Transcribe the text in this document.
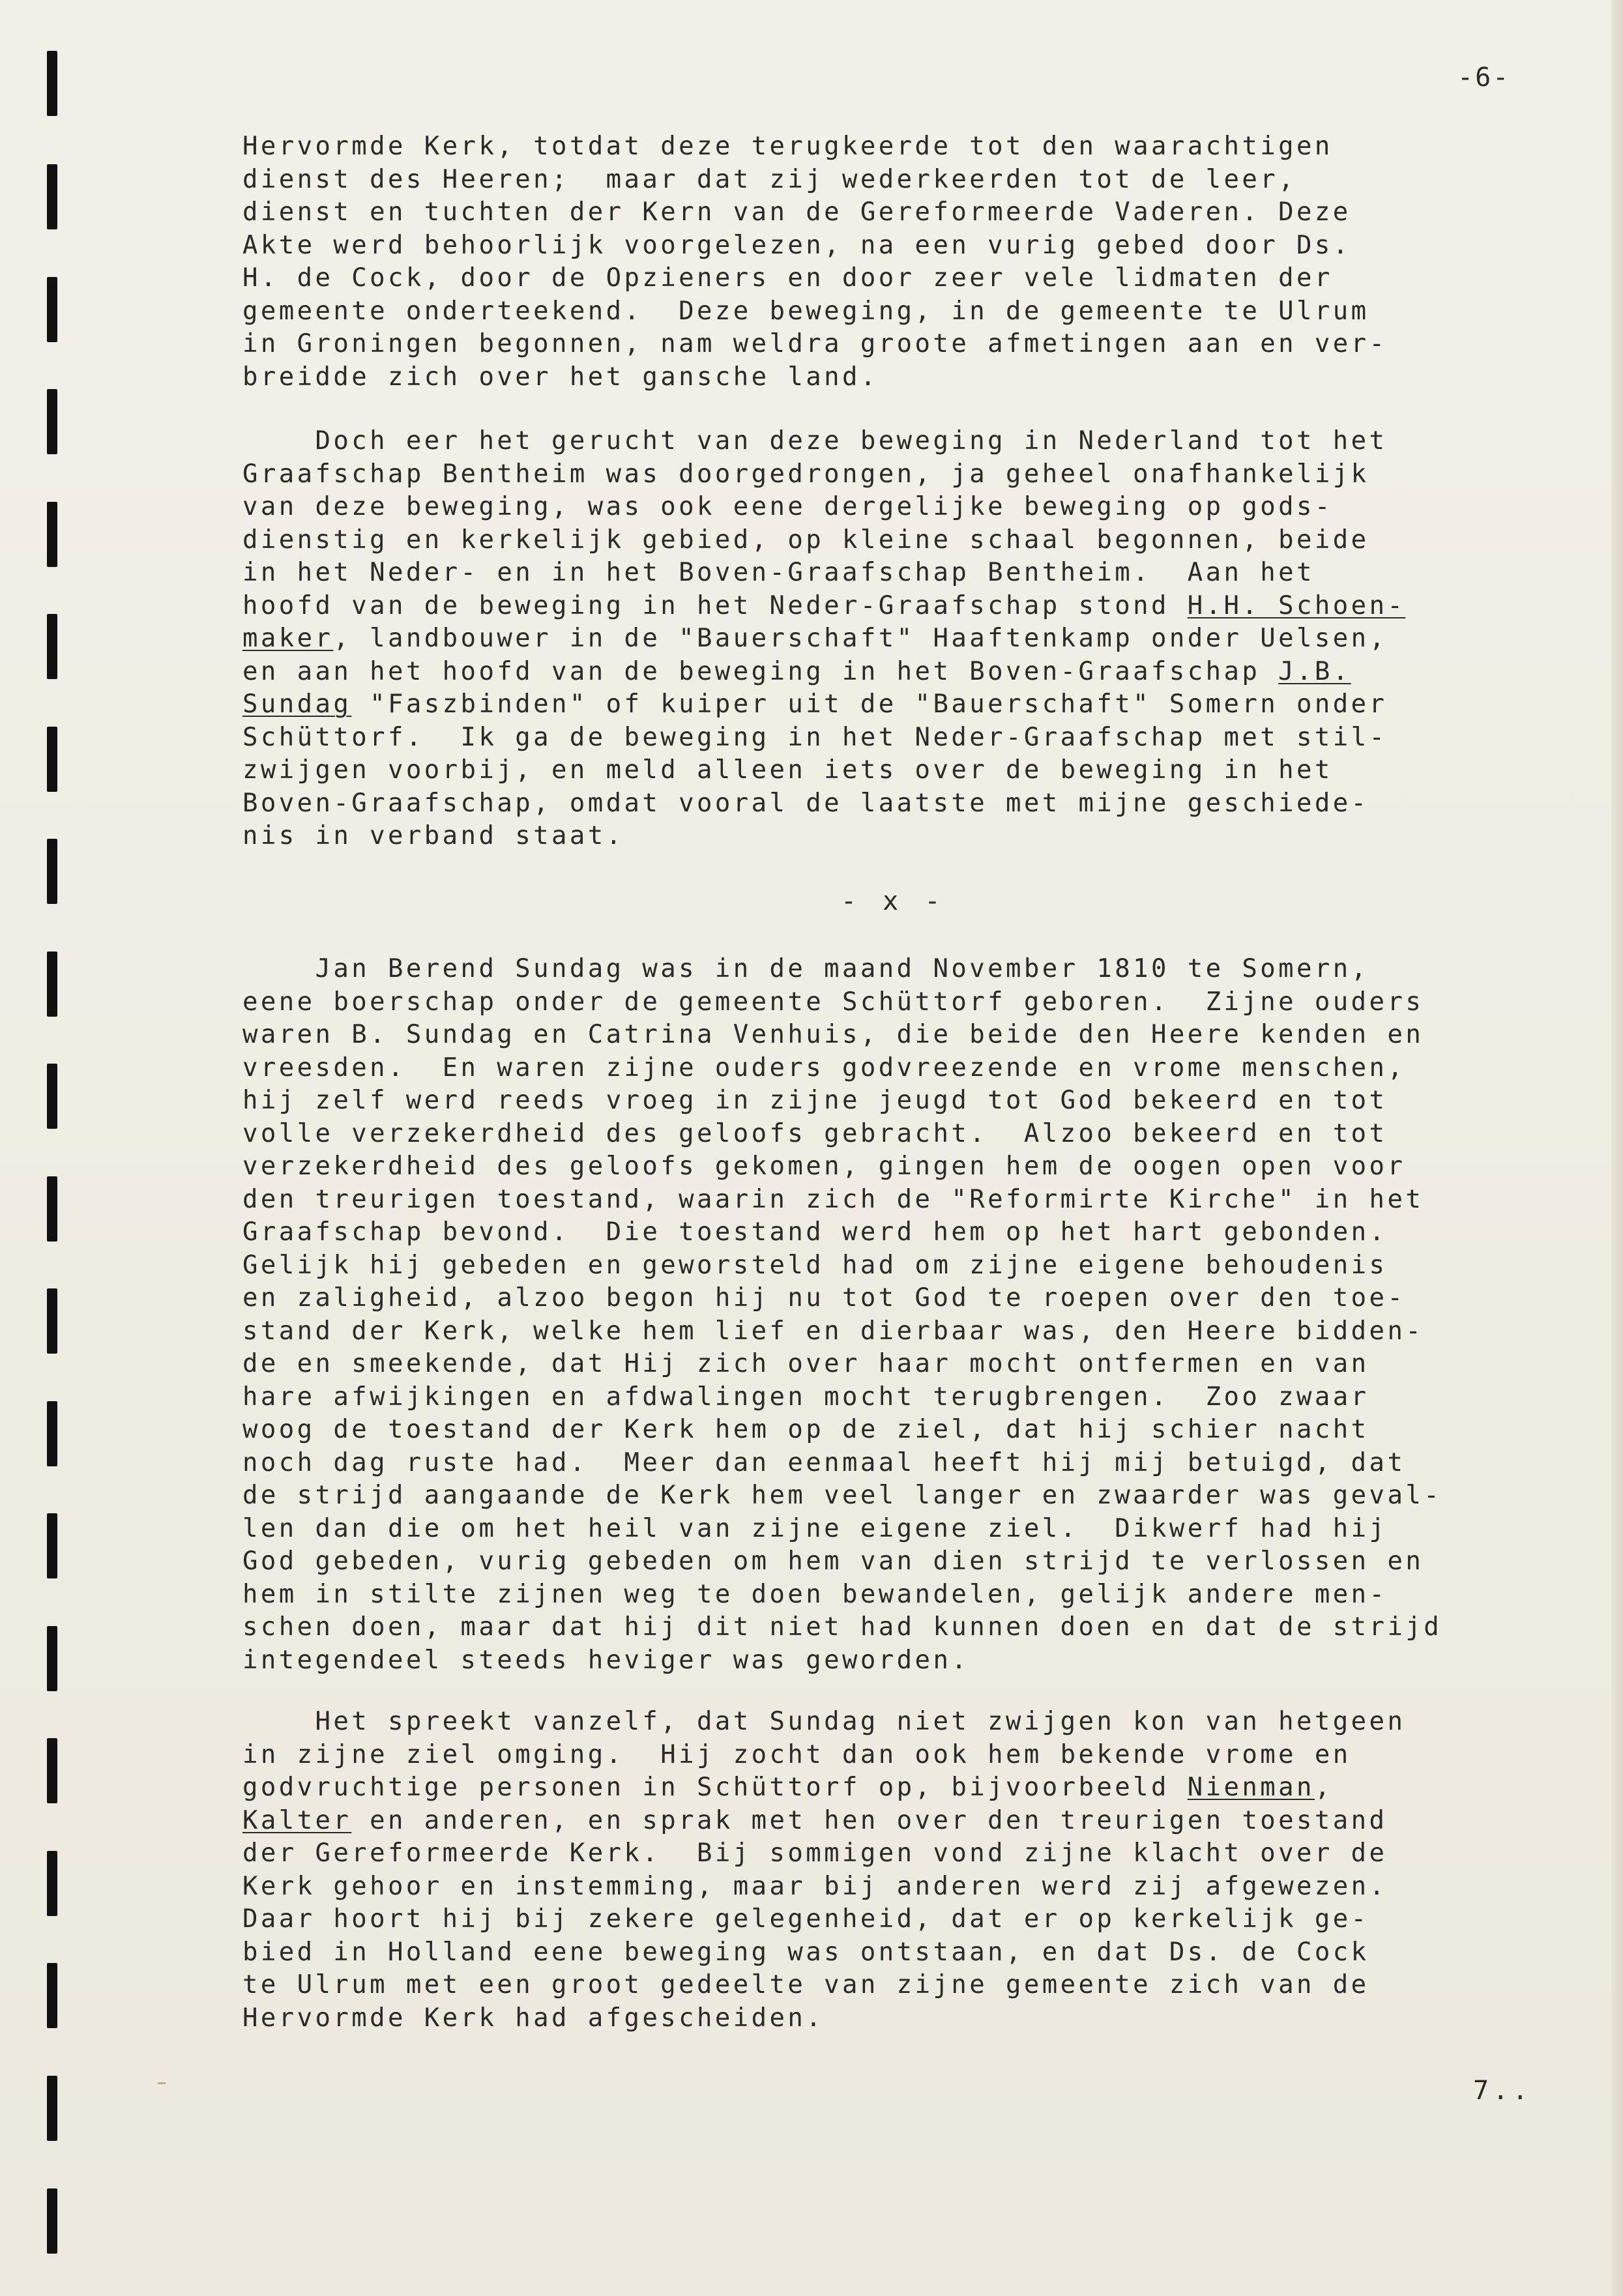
-6-
Hervormde Kerk, totdat deze terugkeerde tot den waarachtigen
dienst des Heeren;  maar dat zij wederkeerden tot de leer,
dienst en tuchten der Kern van de Gereformeerde Vaderen. Deze
Akte werd behoorlijk voorgelezen, na een vurig gebed door Ds.
H. de Cock, door de Opzieners en door zeer vele lidmaten der
gemeente onderteekend.  Deze beweging, in de gemeente te Ulrum
in Groningen begonnen, nam weldra groote afmetingen aan en ver-
breidde zich over het gansche land.
Doch eer het gerucht van deze beweging in Nederland tot het
Graafschap Bentheim was doorgedrongen, ja geheel onafhankelijk
van deze beweging, was ook eene dergelijke beweging op gods-
dienstig en kerkelijk gebied, op kleine schaal begonnen, beide
in het Neder- en in het Boven-Graafschap Bentheim.  Aan het
hoofd van de beweging in het Neder-Graafschap stond H.H. Schoen-
maker, landbouwer in de "Bauerschaft" Haaftenkamp onder Uelsen,
en aan het hoofd van de beweging in het Boven-Graafschap J.B.
Sundag "Faszbinden" of kuiper uit de "Bauerschaft" Somern onder
Schüttorf.  Ik ga de beweging in het Neder-Graafschap met stil-
zwijgen voorbij, en meld alleen iets over de beweging in het
Boven-Graafschap, omdat vooral de laatste met mijne geschiede-
nis in verband staat.
- x -
Jan Berend Sundag was in de maand November 1810 te Somern,
eene boerschap onder de gemeente Schüttorf geboren.  Zijne ouders
waren B. Sundag en Catrina Venhuis, die beide den Heere kenden en
vreesden.  En waren zijne ouders godvreezende en vrome menschen,
hij zelf werd reeds vroeg in zijne jeugd tot God bekeerd en tot
volle verzekerdheid des geloofs gebracht.  Alzoo bekeerd en tot
verzekerdheid des geloofs gekomen, gingen hem de oogen open voor
den treurigen toestand, waarin zich de "Reformirte Kirche" in het
Graafschap bevond.  Die toestand werd hem op het hart gebonden.
Gelijk hij gebeden en geworsteld had om zijne eigene behoudenis
en zaligheid, alzoo begon hij nu tot God te roepen over den toe-
stand der Kerk, welke hem lief en dierbaar was, den Heere bidden-
de en smeekende, dat Hij zich over haar mocht ontfermen en van
hare afwijkingen en afdwalingen mocht terugbrengen.  Zoo zwaar
woog de toestand der Kerk hem op de ziel, dat hij schier nacht
noch dag ruste had.  Meer dan eenmaal heeft hij mij betuigd, dat
de strijd aangaande de Kerk hem veel langer en zwaarder was geval-
len dan die om het heil van zijne eigene ziel.  Dikwerf had hij
God gebeden, vurig gebeden om hem van dien strijd te verlossen en
hem in stilte zijnen weg te doen bewandelen, gelijk andere men-
schen doen, maar dat hij dit niet had kunnen doen en dat de strijd
integendeel steeds heviger was geworden.
Het spreekt vanzelf, dat Sundag niet zwijgen kon van hetgeen
in zijne ziel omging.  Hij zocht dan ook hem bekende vrome en
godvruchtige personen in Schüttorf op, bijvoorbeeld Nienman,
Kalter en anderen, en sprak met hen over den treurigen toestand
der Gereformeerde Kerk.  Bij sommigen vond zijne klacht over de
Kerk gehoor en instemming, maar bij anderen werd zij afgewezen.
Daar hoort hij bij zekere gelegenheid, dat er op kerkelijk ge-
bied in Holland eene beweging was ontstaan, en dat Ds. de Cock
te Ulrum met een groot gedeelte van zijne gemeente zich van de
Hervormde Kerk had afgescheiden.
7..
